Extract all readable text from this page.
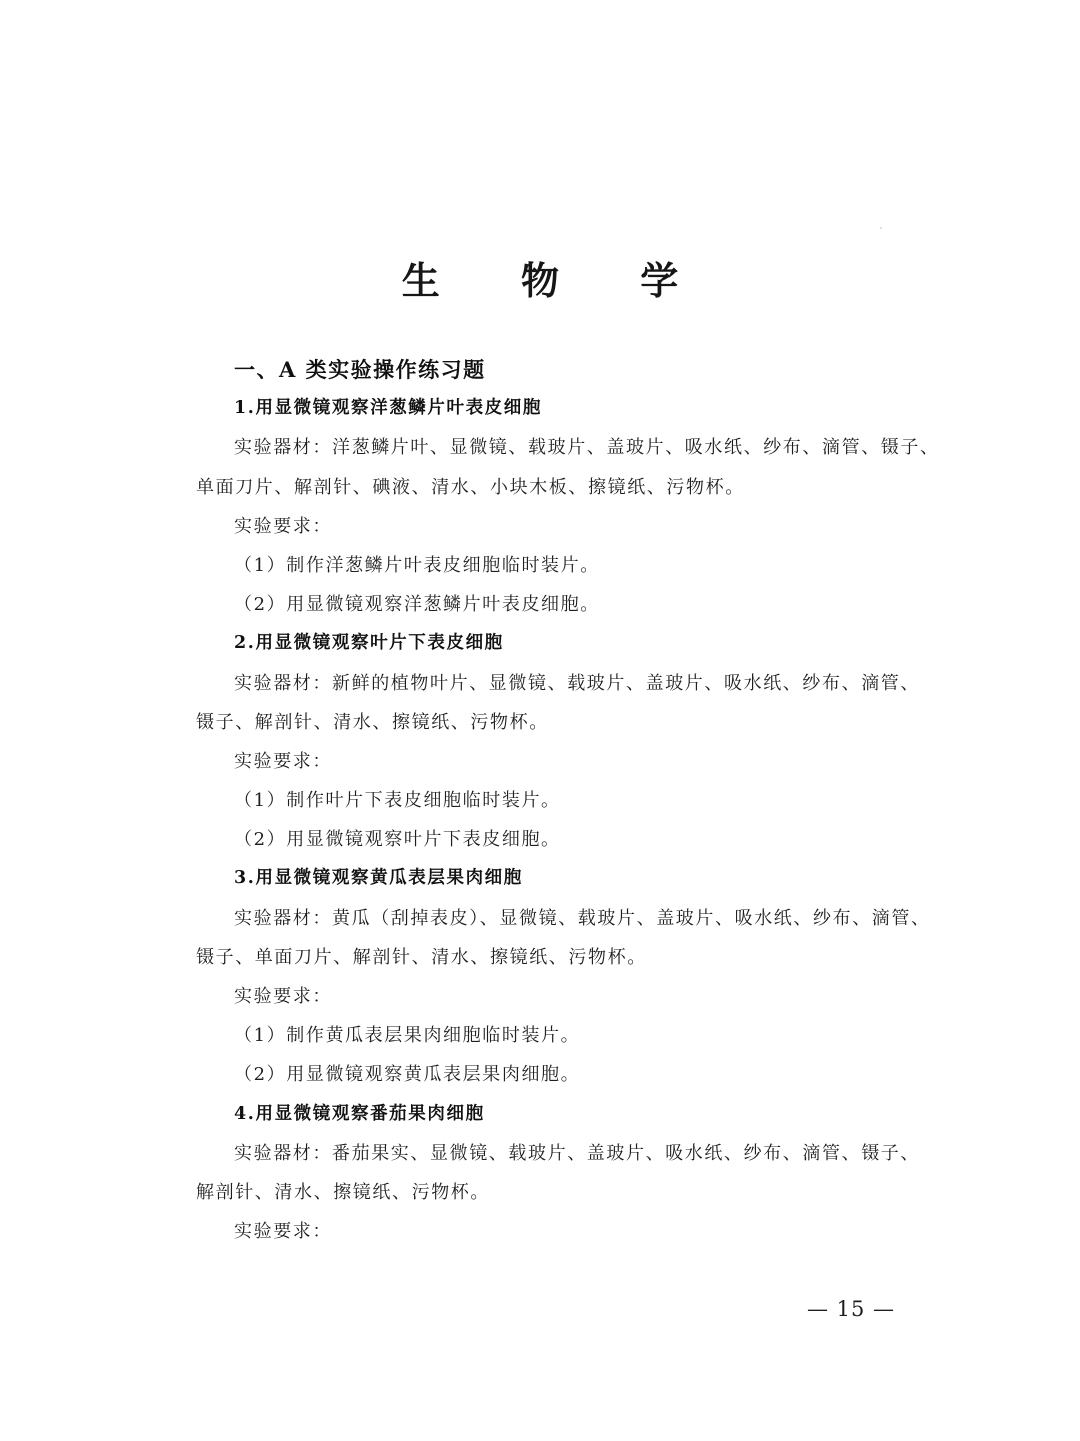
生 物 学
一、A 类实验操作练习题
1.用显微镜观察洋葱鳞片叶表皮细胞
实验器材：洋葱鳞片叶、显微镜、载玻片、盖玻片、吸水纸、纱布、滴管、镊子、
单面刀片、解剖针、碘液、清水、小块木板、擦镜纸、污物杯。
实验要求：
（1）制作洋葱鳞片叶表皮细胞临时装片。
（2）用显微镜观察洋葱鳞片叶表皮细胞。
2.用显微镜观察叶片下表皮细胞
实验器材：新鲜的植物叶片、显微镜、载玻片、盖玻片、吸水纸、纱布、滴管、
镊子、解剖针、清水、擦镜纸、污物杯。
实验要求：
（1）制作叶片下表皮细胞临时装片。
（2）用显微镜观察叶片下表皮细胞。
3.用显微镜观察黄瓜表层果肉细胞
实验器材：黄瓜（刮掉表皮）、显微镜、载玻片、盖玻片、吸水纸、纱布、滴管、
镊子、单面刀片、解剖针、清水、擦镜纸、污物杯。
实验要求：
（1）制作黄瓜表层果肉细胞临时装片。
（2）用显微镜观察黄瓜表层果肉细胞。
4.用显微镜观察番茄果肉细胞
实验器材：番茄果实、显微镜、载玻片、盖玻片、吸水纸、纱布、滴管、镊子、
解剖针、清水、擦镜纸、污物杯。
实验要求：
— 15 —
